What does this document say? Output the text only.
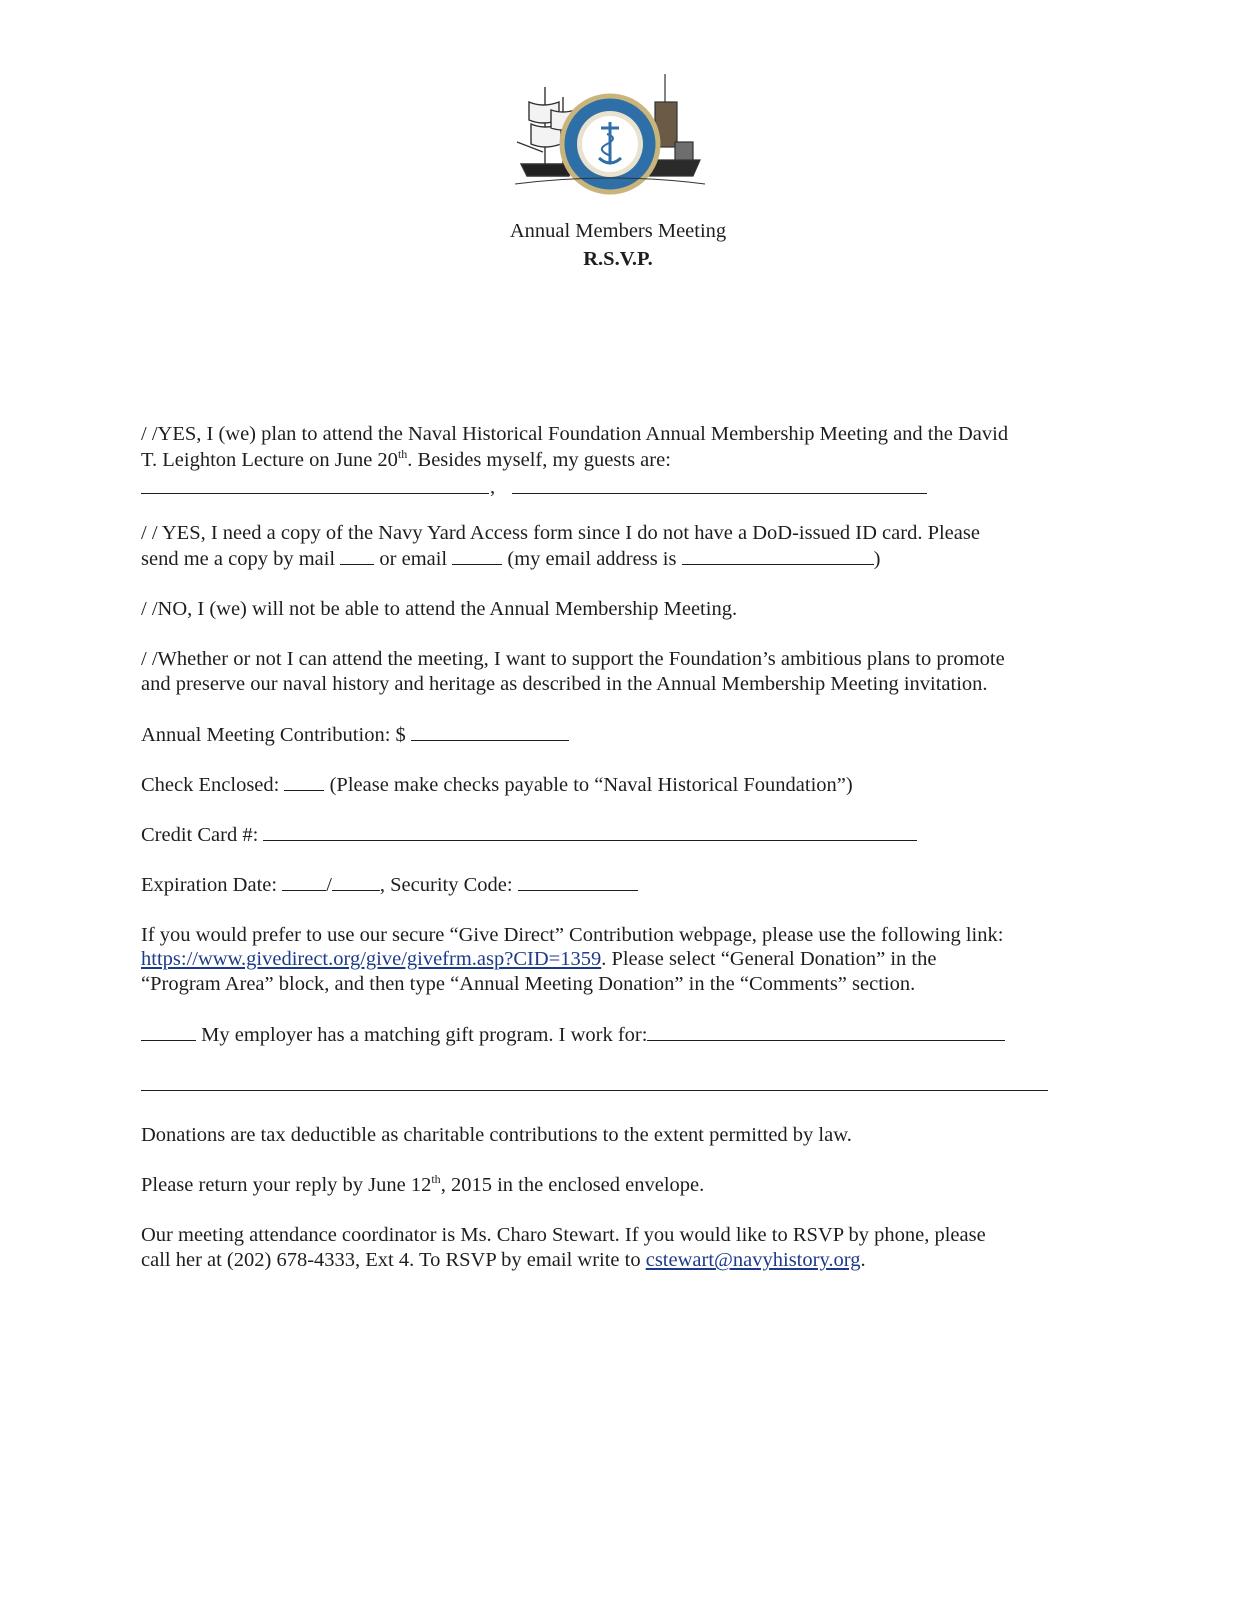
Annual Members Meeting
R.S.V.P.
/ /YES, I (we) plan to attend the Naval Historical Foundation Annual Membership Meeting and the David
T. Leighton Lecture on June 20th. Besides myself, my guests are:
,
/ / YES, I need a copy of the Navy Yard Access form since I do not have a DoD-issued ID card. Please
send me a copy by mail or email	(my email address is	)
/ /NO, I (we) will not be able to attend the Annual Membership Meeting.
/ /Whether or not I can attend the meeting, I want to support the Foundation’s ambitious plans to promote
and preserve our naval history and heritage as described in the Annual Membership Meeting invitation.
Annual Meeting Contribution: $
Check Enclosed: (Please make checks payable to “Naval Historical Foundation”)
Credit Card #:
Expiration Date: / , Security Code:
If you would prefer to use our secure “Give Direct” Contribution webpage, please use the following link:
https://www.givedirect.org/give/givefrm.asp?CID=1359. Please select “General Donation” in the
“Program Area” block, and then type “Annual Meeting Donation” in the “Comments” section.
My employer has a matching gift program. I work for:
Donations are tax deductible as charitable contributions to the extent permitted by law.
Please return your reply by June 12th, 2015 in the enclosed envelope.
Our meeting attendance coordinator is Ms. Charo Stewart. If you would like to RSVP by phone, please
call her at (202) 678-4333, Ext 4. To RSVP by email write to cstewart@navyhistory.org.
